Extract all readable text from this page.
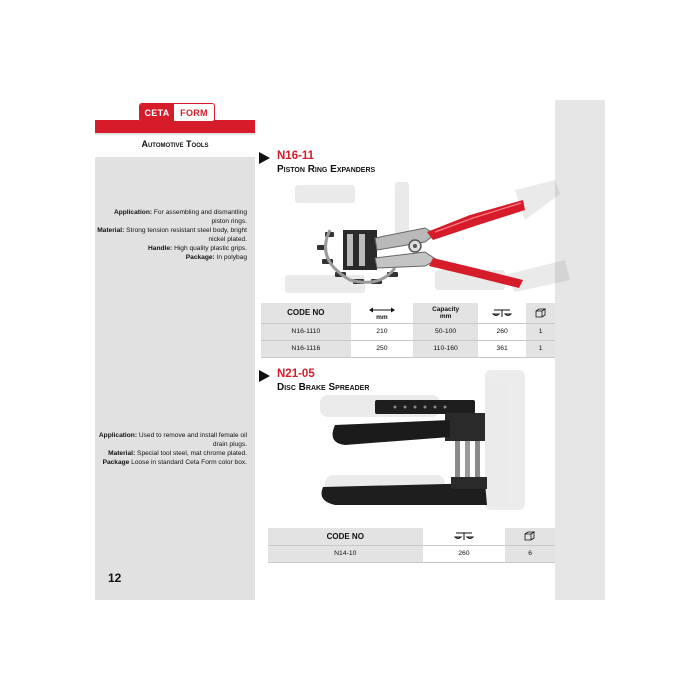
CETA	FORM
Automotive Tools
Application: For assembling and dismantling piston rings.
Material: Strong tension resistant steel body, bright nickel plated.
Handle: High quality plastic grips.
Package: In polybag
Application: Used to remove and install female oil drain plugs.
Material: Special tool steel, mat chrome plated.
Package Loose in standard Ceta Form color box.
12
N16-11
Piston Ring Expanders
CODE NO	mm	Capacity
mm

N16-1110	210	50-100	260	1
N16-1116	250	110-160	361	1
N21-05
Disc Brake Spreader
CODE NO		
N14-10	260	6
